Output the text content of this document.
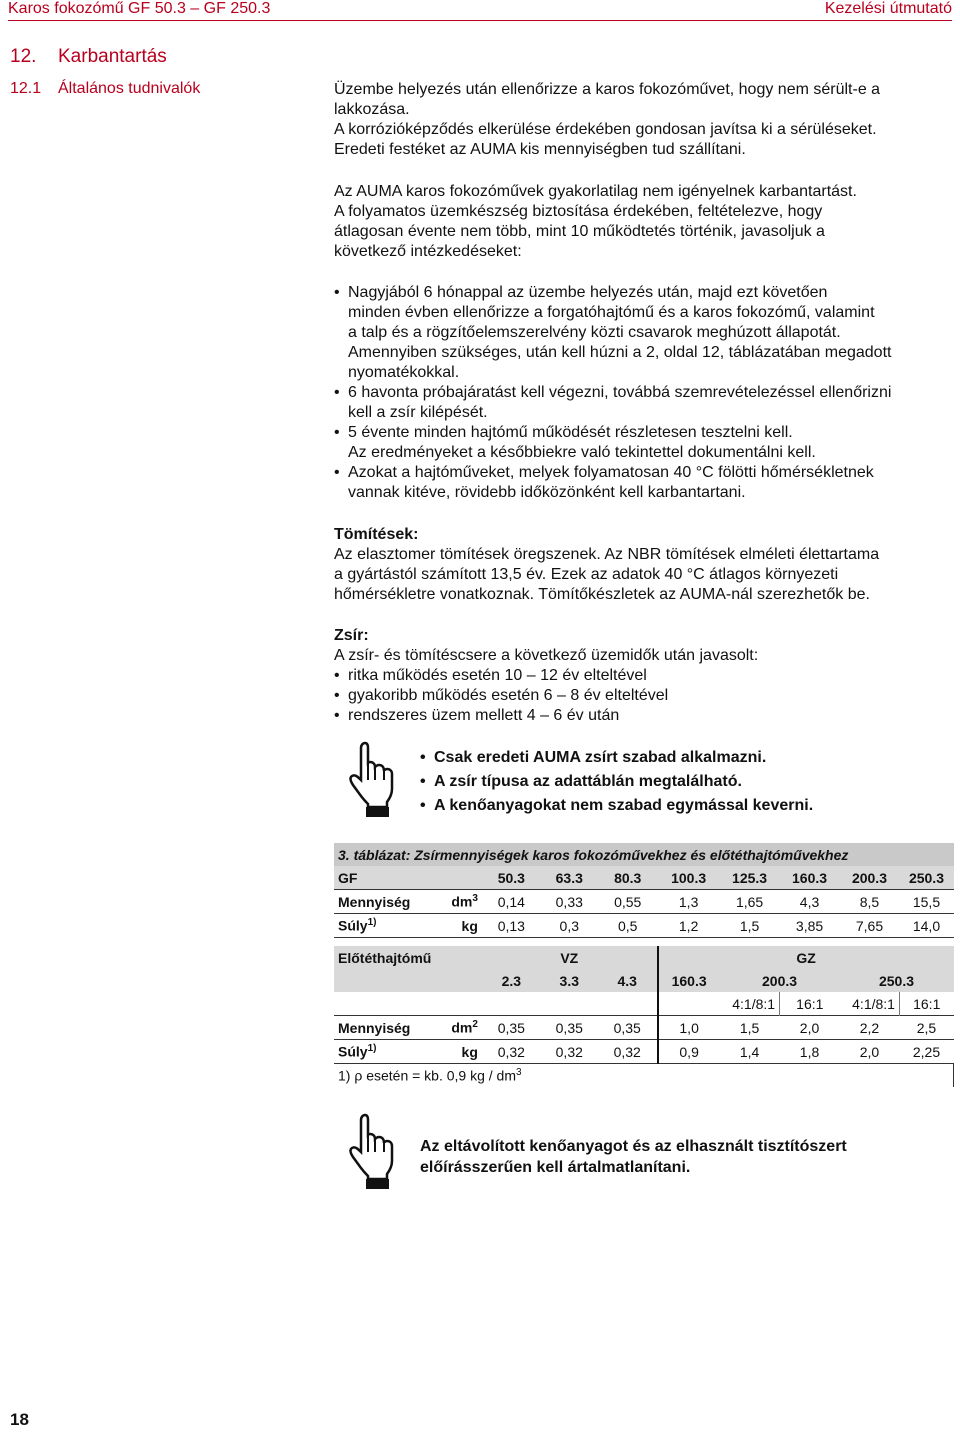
Karos fokozómű GF 50.3 – GF 250.3	Kezelési útmutató
12. Karbantartás
12.1 Általános tudnivalók	Üzembe helyezés után ellenőrizze a karos fokozóművet, hogy nem sérült-e a

lakkozása.

A korrózióképződés elkerülése érdekében gondosan javítsa ki a sérüléseket.

Eredeti festéket az AUMA kis mennyiségben tud szállítani.

Az AUMA karos fokozóművek gyakorlatilag nem igényelnek karbantartást.

A folyamatos üzemkészség biztosítása érdekében, feltételezve, hogy

átlagosan évente nem több, mint 10 működtetés történik, javasoljuk a

következő intézkedéseket:

• Nagyjából 6 hónappal az üzembe helyezés után, majd ezt követően
minden évben ellenőrizze a forgatóhajtómű és a karos fokozómű, valamint
a talp és a rögzítőelemszerelvény közti csavarok meghúzott állapotát.
Amennyiben szükséges, után kell húzni a 2, oldal 12, táblázatában megadott
nyomatékokkal.
• 6 havonta próbajáratást kell végezni, továbbá szemrevételezéssel ellenőrizni
kell a zsír kilépését.
• 5 évente minden hajtómű működését részletesen tesztelni kell.
Az eredményeket a későbbiekre való tekintettel dokumentálni kell.
• Azokat a hajtóműveket, melyek folyamatosan 40 °C fölötti hőmérsékletnek
vannak kitéve, rövidebb időközönként kell karbantartani.

Tömítések:

Az elasztomer tömítések öregszenek. Az NBR tömítések elméleti élettartama

a gyártástól számított 13,5 év. Ezek az adatok 40 °C átlagos környezeti

hőmérsékletre vonatkoznak. Tömítőkészletek az AUMA-nál szerezhetők be.

Zsír:

A zsír- és tömítéscsere a következő üzemidők után javasolt:

• ritka működés esetén 10 – 12 év elteltével

• gyakoribb működés esetén 6 – 8 év elteltével

• rendszeres üzem mellett 4 – 6 év után

• Csak eredeti AUMA zsírt szabad alkalmazni.
• A zsír típusa az adattáblán megtalálható.
• A kenőanyagokat nem szabad egymással keverni.
3. táblázat: Zsírmennyiségek karos fokozóművekhez és előtéthajtóművekhez									
GF		50.3	63.3	80.3	100.3	125.3	160.3	200.3	250.3
Mennyiség	$dm^3$	0,14	0,33	0,55	1,3	1,65	4,3	8,5	15,5
Súly$^{1)}$	kg	0,13	0,3	0,5	1,2	1,5	3,85	7,65	14,0

Előtéthajtómű		VZ			GZ				
		2.3	3.3	4.3	160.3	200.3		250.3	
						4:1/8:1	16:1	4:1/8:1	16:1
Mennyiség	$dm^2$	0,35	0,35	0,35	1,0	1,5	2,0	2,2	2,5
Súly$^{1)}$	kg	0,32	0,32	0,32	0,9	1,4	1,8	2,0	2,25
1) ρ esetén = kb. 0,9 kg / $dm^3$
Az eltávolított kenőanyagot és az elhasznált tisztítószert
előírásszerűen kell ártalmatlanítani.
18
